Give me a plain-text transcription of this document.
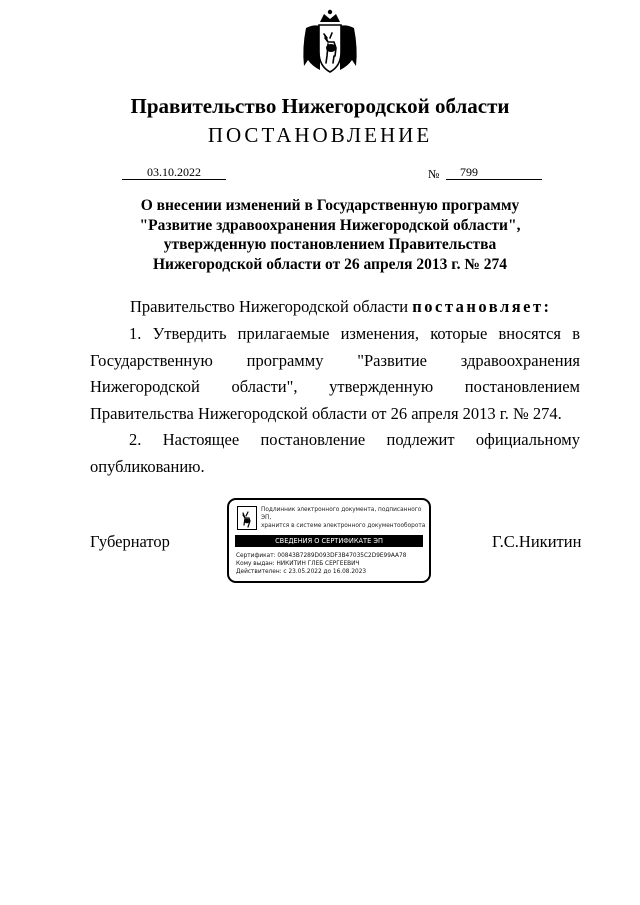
Правительство Нижегородской области
ПОСТАНОВЛЕНИЕ
03.10.2022	№	799
О внесении изменений в Государственную программу
"Развитие здравоохранения Нижегородской области",
утвержденную постановлением Правительства
Нижегородской области от 26 апреля 2013 г. № 274
Правительство Нижегородской области постановляет:
1. Утвердить прилагаемые изменения, которые вносятся в Государственную программу "Развитие здравоохранения Нижегородской области", утвержденную постановлением Правительства Нижегородской области от 26 апреля 2013 г. № 274.
2. Настоящее постановление подлежит официальному опубликованию.
Губернатор	Г.С.Никитин
Подлинник электронного документа, подписанного ЭП,
хранится в системе электронного документооборота
СВЕДЕНИЯ О СЕРТИФИКАТЕ ЭП
Сертификат: 00843B7289D093DF3B47035C2D9E99AA78
Кому выдан: НИКИТИН ГЛЕБ СЕРГЕЕВИЧ
Действителен: с 23.05.2022 до 16.08.2023
